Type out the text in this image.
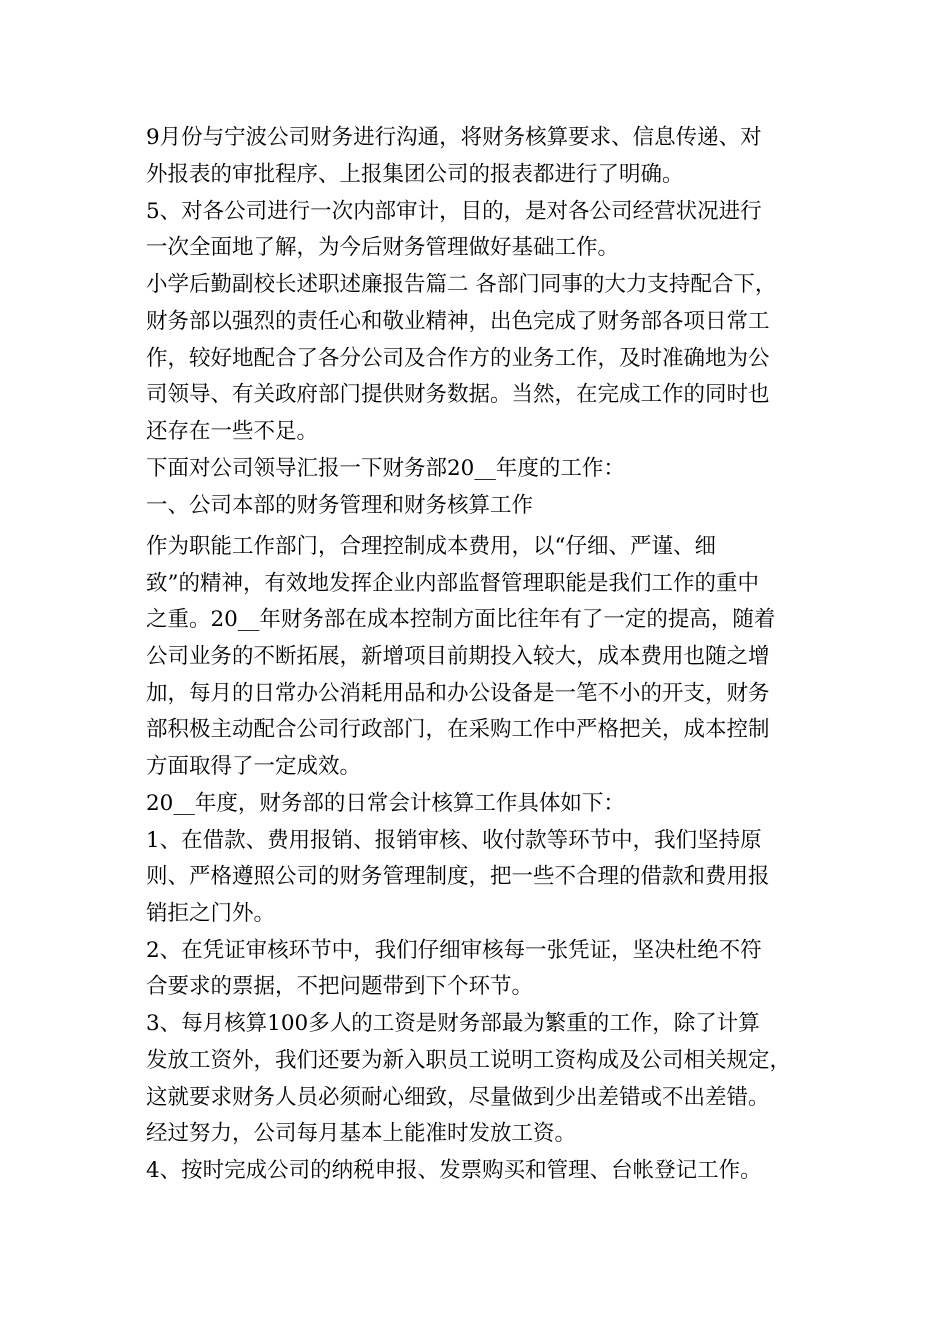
9月份与宁波公司财务进行沟通，将财务核算要求、信息传递、对
外报表的审批程序、上报集团公司的报表都进行了明确。
5、对各公司进行一次内部审计，目的，是对各公司经营状况进行
一次全面地了解，为今后财务管理做好基础工作。
小学后勤副校长述职述廉报告篇二 各部门同事的大力支持配合下，
财务部以强烈的责任心和敬业精神，出色完成了财务部各项日常工
作，较好地配合了各分公司及合作方的业务工作，及时准确地为公
司领导、有关政府部门提供财务数据。当然，在完成工作的同时也
还存在一些不足。
下面对公司领导汇报一下财务部20__年度的工作：
一、公司本部的财务管理和财务核算工作
作为职能工作部门，合理控制成本费用，以“仔细、严谨、细
致”的精神，有效地发挥企业内部监督管理职能是我们工作的重中
之重。20__年财务部在成本控制方面比往年有了一定的提高，随着
公司业务的不断拓展，新增项目前期投入较大，成本费用也随之增
加，每月的日常办公消耗用品和办公设备是一笔不小的开支，财务
部积极主动配合公司行政部门，在采购工作中严格把关，成本控制
方面取得了一定成效。
20__年度，财务部的日常会计核算工作具体如下：
1、在借款、费用报销、报销审核、收付款等环节中，我们坚持原
则、严格遵照公司的财务管理制度，把一些不合理的借款和费用报
销拒之门外。
2、在凭证审核环节中，我们仔细审核每一张凭证，坚决杜绝不符
合要求的票据，不把问题带到下个环节。
3、每月核算100多人的工资是财务部最为繁重的工作，除了计算
发放工资外，我们还要为新入职员工说明工资构成及公司相关规定，
这就要求财务人员必须耐心细致，尽量做到少出差错或不出差错。
经过努力，公司每月基本上能准时发放工资。
4、按时完成公司的纳税申报、发票购买和管理、台帐登记工作。
